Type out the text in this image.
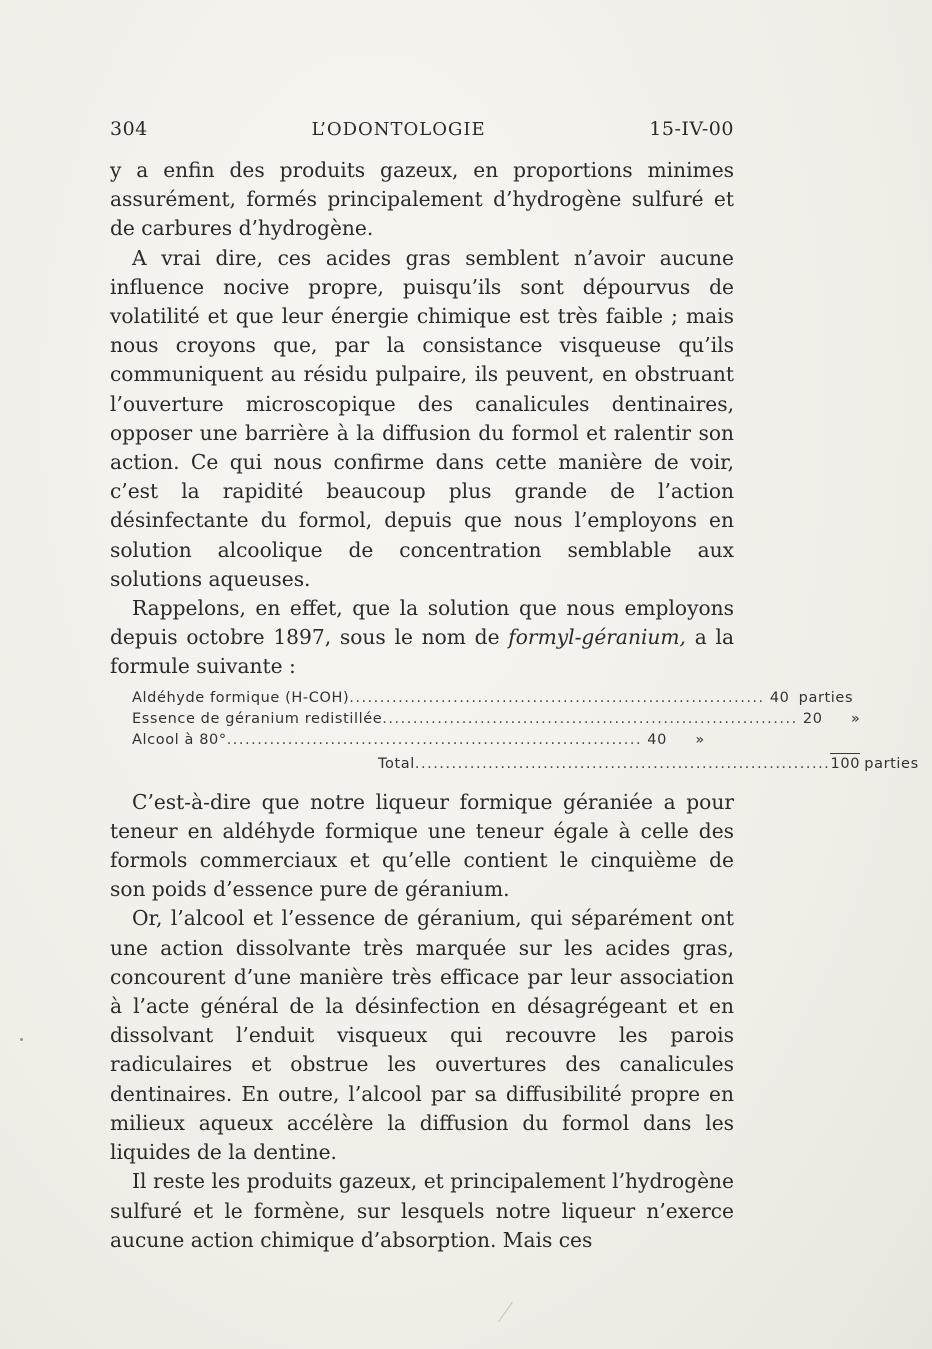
304	L’ODONTOLOGIE	15-IV-00

y a enfin des produits gazeux, en proportions minimes assurément, formés principalement d’hydrogène sulfuré et de carbures d’hydrogène.

A vrai dire, ces acides gras semblent n’avoir aucune influence nocive propre, puisqu’ils sont dépourvus de volatilité et que leur énergie chimique est très faible ; mais nous croyons que, par la consistance visqueuse qu’ils communiquent au résidu pulpaire, ils peuvent, en obstruant l’ouverture microscopique des canalicules dentinaires, opposer une barrière à la diffusion du formol et ralentir son action. Ce qui nous confirme dans cette manière de voir, c’est la rapidité beaucoup plus grande de l’action désinfectante du formol, depuis que nous l’employons en solution alcoolique de concentration semblable aux solutions aqueuses.

Rappelons, en effet, que la solution que nous employons depuis octobre 1897, sous le nom de formyl-géranium, a la formule suivante :

Aldéhyde formique (H-COH) .................................................................... 40 parties
Essence de géranium redistillée .................................................................... 20	»
Alcool à 80° .................................................................... 40	»
Total .................................................................... 100 parties

C’est-à-dire que notre liqueur formique géraniée a pour teneur en aldéhyde formique une teneur égale à celle des formols commerciaux et qu’elle contient le cinquième de son poids d’essence pure de géranium.

Or, l’alcool et l’essence de géranium, qui séparément ont une action dissolvante très marquée sur les acides gras, concourent d’une manière très efficace par leur association à l’acte général de la désinfection en désagrégeant et en dissolvant l’enduit visqueux qui recouvre les parois radiculaires et obstrue les ouvertures des canalicules dentinaires. En outre, l’alcool par sa diffusibilité propre en milieux aqueux accélère la diffusion du formol dans les liquides de la dentine.

Il reste les produits gazeux, et principalement l’hydrogène sulfuré et le formène, sur lesquels notre liqueur n’exerce aucune action chimique d’absorption. Mais ces
